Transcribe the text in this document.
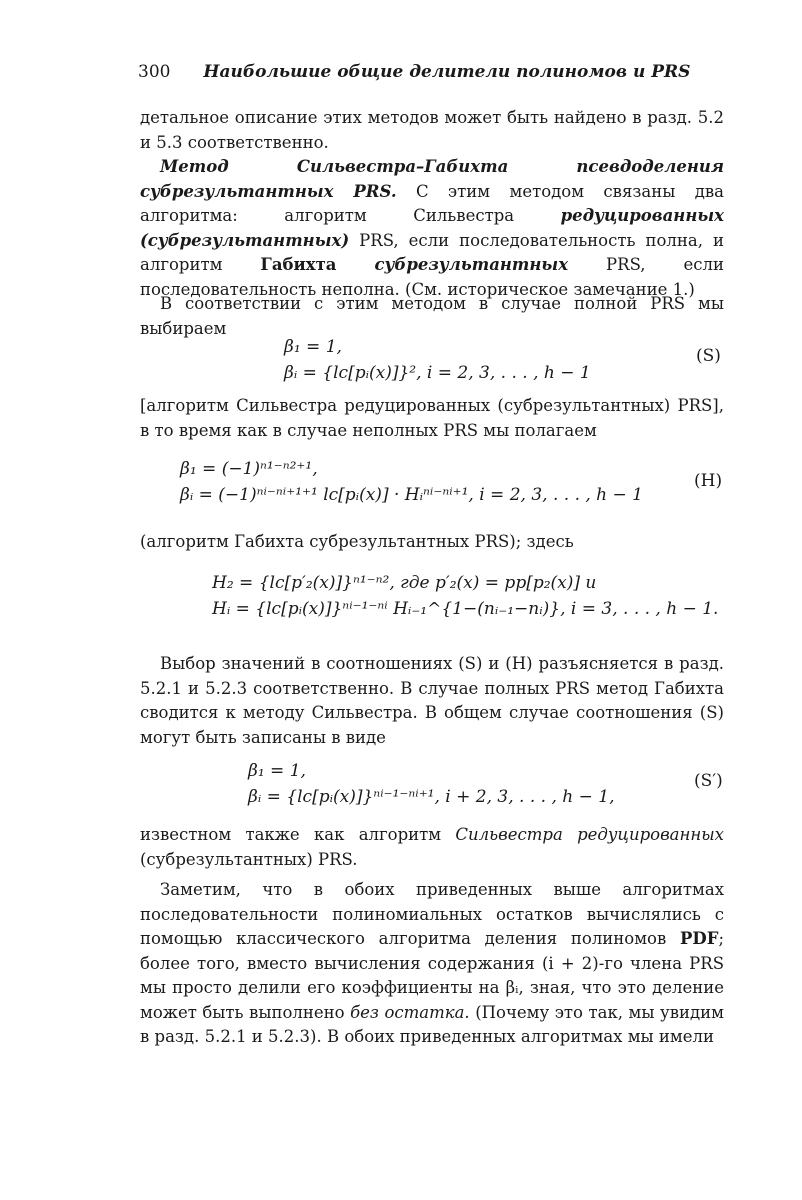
300 Наибольшие общие делители полиномов и PRS
детальное описание этих методов может быть найдено в разд. 5.2 и 5.3 соответственно.
Метод Сильвестра–Габихта псевдоделения субрезультантных PRS. С этим методом связаны два алгоритма: алгоритм Сильвестра редуцированных (субрезультантных) PRS, если последовательность полна, и алгоритм Габихта субрезультантных PRS, если последовательность неполна. (См. историческое замечание 1.)
В соответствии с этим методом в случае полной PRS мы выбираем
β₁ = 1,
βᵢ = {lc[pᵢ(x)]}², i = 2, 3, . . . , h − 1
(S)
[алгоритм Сильвестра редуцированных (субрезультантных) PRS], в то время как в случае неполных PRS мы полагаем
β₁ = (−1)ⁿ¹⁻ⁿ²⁺¹,
βᵢ = (−1)ⁿⁱ⁻ⁿⁱ⁺¹⁺¹ lc[pᵢ(x)] · Hᵢⁿⁱ⁻ⁿⁱ⁺¹, i = 2, 3, . . . , h − 1
(H)
(алгоритм Габихта субрезультантных PRS); здесь
H₂ = {lc[p′₂(x)]}ⁿ¹⁻ⁿ², где p′₂(x) = pp[p₂(x)] и
Hᵢ = {lc[pᵢ(x)]}ⁿⁱ⁻¹⁻ⁿⁱ Hᵢ₋₁^{1−(nᵢ₋₁−nᵢ)}, i = 3, . . . , h − 1.
Выбор значений в соотношениях (S) и (H) разъясняется в разд. 5.2.1 и 5.2.3 соответственно. В случае полных PRS метод Габихта сводится к методу Сильвестра. В общем случае соотношения (S) могут быть записаны в виде
β₁ = 1,
βᵢ = {lc[pᵢ(x)]}ⁿⁱ⁻¹⁻ⁿⁱ⁺¹, i + 2, 3, . . . , h − 1,
(S′)
известном также как алгоритм Сильвестра редуцированных (субрезультантных) PRS.
Заметим, что в обоих приведенных выше алгоритмах последовательности полиномиальных остатков вычислялись с помощью классического алгоритма деления полиномов PDF; более того, вместо вычисления содержания (i + 2)-го члена PRS мы просто делили его коэффициенты на βᵢ, зная, что это деление может быть выполнено без остатка. (Почему это так, мы увидим в разд. 5.2.1 и 5.2.3). В обоих приведенных алгоритмах мы имели
